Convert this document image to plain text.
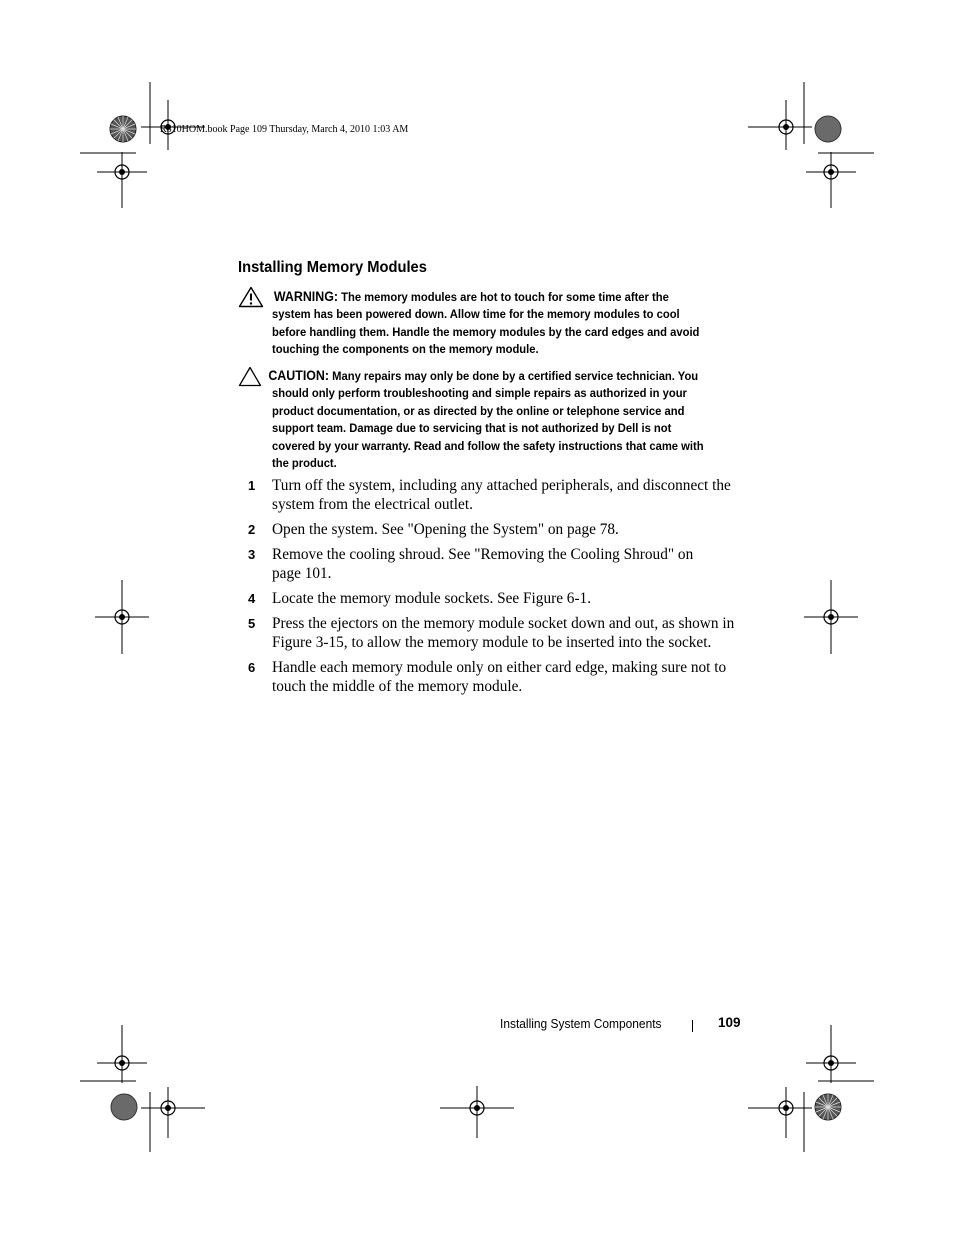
R310HOM.book Page 109 Thursday, March 4, 2010 1:03 AM
Installing Memory Modules
WARNING: The memory modules are hot to touch for some time after the system has been powered down. Allow time for the memory modules to cool before handling them. Handle the memory modules by the card edges and avoid touching the components on the memory module.
CAUTION: Many repairs may only be done by a certified service technician. You should only perform troubleshooting and simple repairs as authorized in your product documentation, or as directed by the online or telephone service and support team. Damage due to servicing that is not authorized by Dell is not covered by your warranty. Read and follow the safety instructions that came with the product.
1 Turn off the system, including any attached peripherals, and disconnect the system from the electrical outlet.
2 Open the system. See "Opening the System" on page 78.
3 Remove the cooling shroud. See "Removing the Cooling Shroud" on page 101.
4 Locate the memory module sockets. See Figure 6-1.
5 Press the ejectors on the memory module socket down and out, as shown in Figure 3-15, to allow the memory module to be inserted into the socket.
6 Handle each memory module only on either card edge, making sure not to touch the middle of the memory module.
Installing System Components	109
